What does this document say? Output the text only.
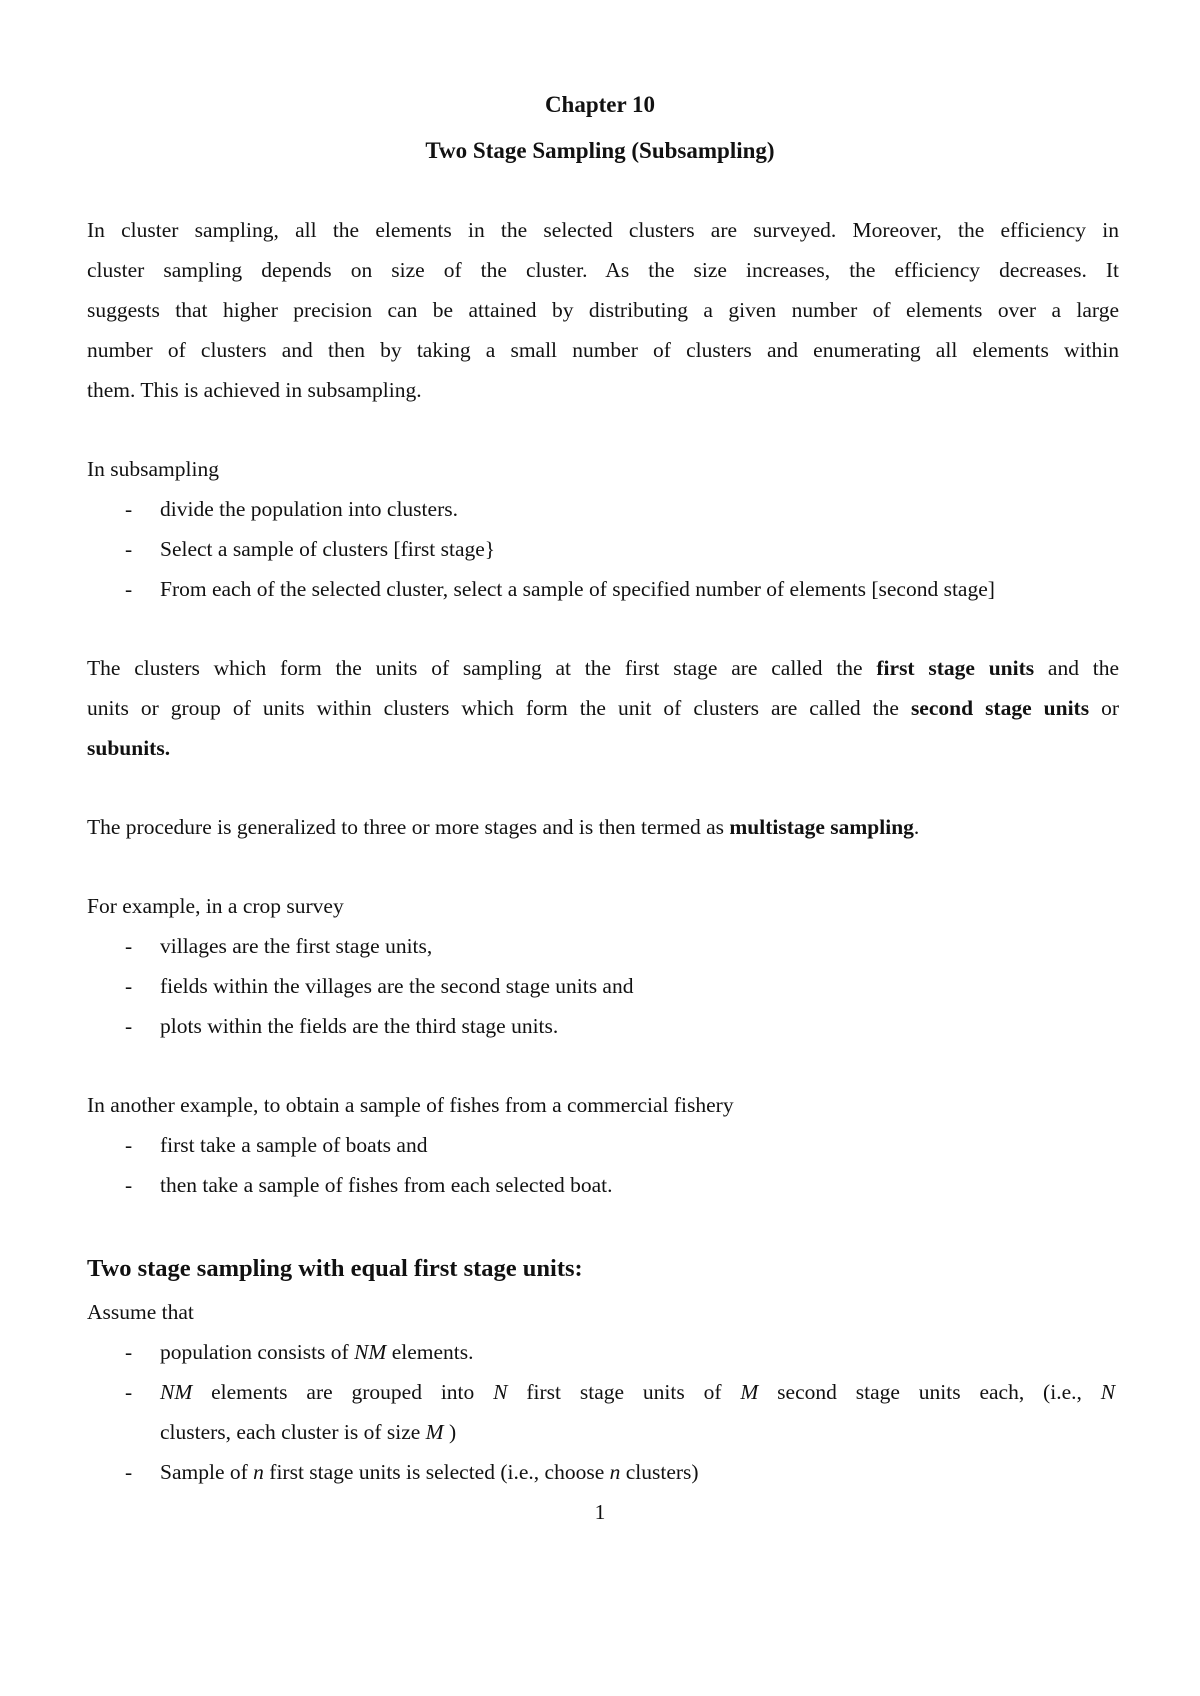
Chapter 10
Two Stage Sampling (Subsampling)
In cluster sampling, all the elements in the selected clusters are surveyed. Moreover, the efficiency in
cluster sampling depends on size of the cluster. As the size increases, the efficiency decreases. It
suggests that higher precision can be attained by distributing a given number of elements over a large
number of clusters and then by taking a small number of clusters and enumerating all elements within
them. This is achieved in subsampling.
In subsampling
- divide the population into clusters.
- Select a sample of clusters [first stage}
- From each of the selected cluster, select a sample of specified number of elements [second stage]
The clusters which form the units of sampling at the first stage are called the first stage units and the
units or group of units within clusters which form the unit of clusters are called the second stage units or
subunits.
The procedure is generalized to three or more stages and is then termed as multistage sampling.
For example, in a crop survey
- villages are the first stage units,
- fields within the villages are the second stage units and
- plots within the fields are the third stage units.
In another example, to obtain a sample of fishes from a commercial fishery
- first take a sample of boats and
- then take a sample of fishes from each selected boat.
Two stage sampling with equal first stage units:
Assume that
- population consists of NM elements.
- NM elements are grouped into N first stage units of M second stage units each, (i.e., N
clusters, each cluster is of size M )
- Sample of n first stage units is selected (i.e., choose n clusters)
1
